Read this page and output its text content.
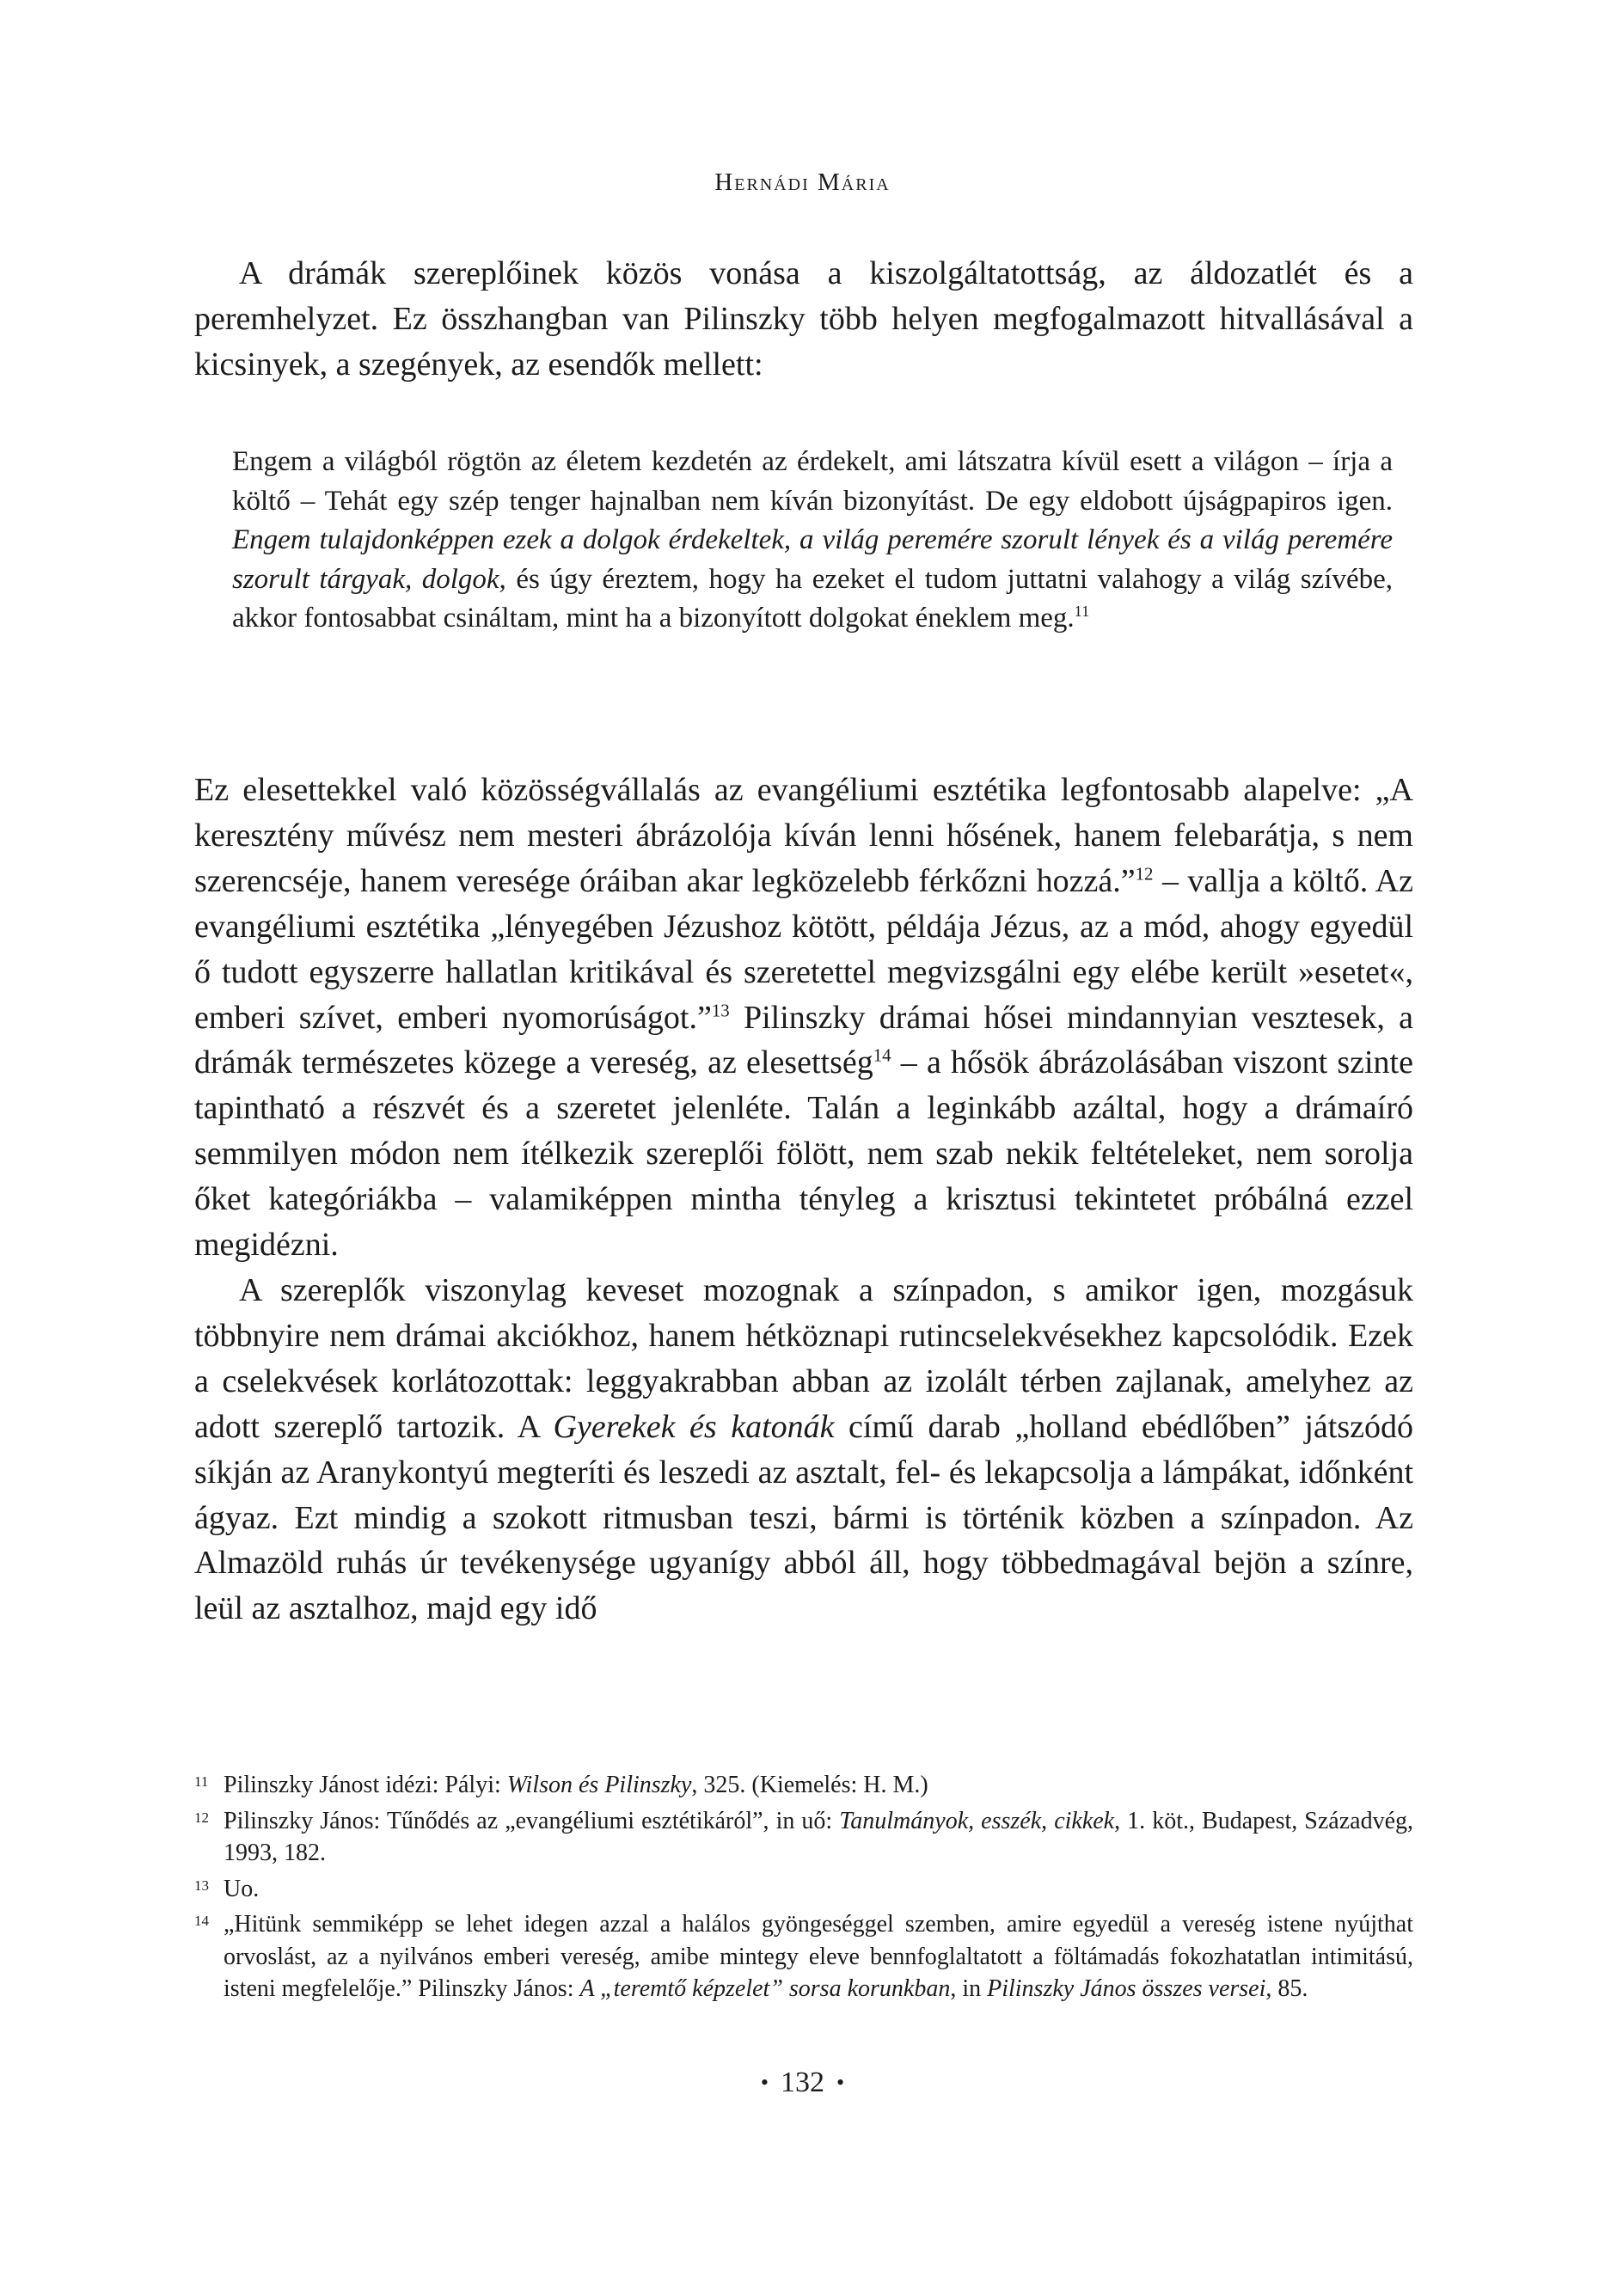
Hernádi Mária

A drámák szereplőinek közös vonása a kiszolgáltatottság, az áldozatlét és a peremhelyzet. Ez összhangban van Pilinszky több helyen megfogalmazott hitvallásával a kicsinyek, a szegények, az esendők mellett:

Engem a világból rögtön az életem kezdetén az érdekelt, ami látszatra kívül esett a világon – írja a költő – Tehát egy szép tenger hajnalban nem kíván bizonyítást. De egy eldobott újságpapiros igen. Engem tulajdonképpen ezek a dolgok érdekeltek, a világ peremére szorult lények és a világ peremére szorult tárgyak, dolgok, és úgy éreztem, hogy ha ezeket el tudom juttatni valahogy a világ szívébe, akkor fontosabbat csináltam, mint ha a bizonyított dolgokat éneklem meg.$^{11}$

Ez elesettekkel való közösségvállalás az evangéliumi esztétika legfontosabb alapelve: „A keresztény művész nem mesteri ábrázolója kíván lenni hősének, hanem felebarátja, s nem szerencséje, hanem veresége óráiban akar legközelebb férkőzni hozzá.”$^{12}$ – vallja a költő. Az evangéliumi esztétika „lényegében Jézushoz kötött, példája Jézus, az a mód, ahogy egyedül ő tudott egyszerre hallatlan kritikával és szeretettel megvizsgálni egy elébe került »esetet«, emberi szívet, emberi nyomorúságot.”$^{13}$ Pilinszky drámai hősei mindannyian vesztesek, a drámák természetes közege a vereség, az elesettség$^{14}$ – a hősök ábrázolásában viszont szinte tapintható a részvét és a szeretet jelenléte. Talán a leginkább azáltal, hogy a drámaíró semmilyen módon nem ítélkezik szereplői fölött, nem szab nekik feltételeket, nem sorolja őket kategóriákba – valamiképpen mintha tényleg a krisztusi tekintetet próbálná ezzel megidézni.

A szereplők viszonylag keveset mozognak a színpadon, s amikor igen, mozgásuk többnyire nem drámai akciókhoz, hanem hétköznapi rutincselekvésekhez kapcsolódik. Ezek a cselekvések korlátozottak: leggyakrabban abban az izolált térben zajlanak, amelyhez az adott szereplő tartozik. A Gyerekek és katonák című darab „holland ebédlőben” játszódó síkján az Aranykontyú megteríti és leszedi az asztalt, fel- és lekapcsolja a lámpákat, időnként ágyaz. Ezt mindig a szokott ritmusban teszi, bármi is történik közben a színpadon. Az Almazöld ruhás úr tevékenysége ugyanígy abból áll, hogy többedmagával bejön a színre, leül az asztalhoz, majd egy idő

11 Pilinszky Jánost idézi: Pályi: Wilson és Pilinszky, 325. (Kiemelés: H. M.)

12 Pilinszky János: Tűnődés az „evangéliumi esztétikáról”, in uő: Tanulmányok, esszék, cikkek, 1. köt., Budapest, Századvég, 1993, 182.

13 Uo.

14 „Hitünk semmiképp se lehet idegen azzal a halálos gyöngeséggel szemben, amire egyedül a vereség istene nyújthat orvoslást, az a nyilvános emberi vereség, amibe mintegy eleve bennfoglaltatott a föltámadás fokozhatatlan intimitású, isteni megfelelője.” Pilinszky János: A „teremtő képzelet” sorsa korunkban, in Pilinszky János összes versei, 85.

• 132 •
